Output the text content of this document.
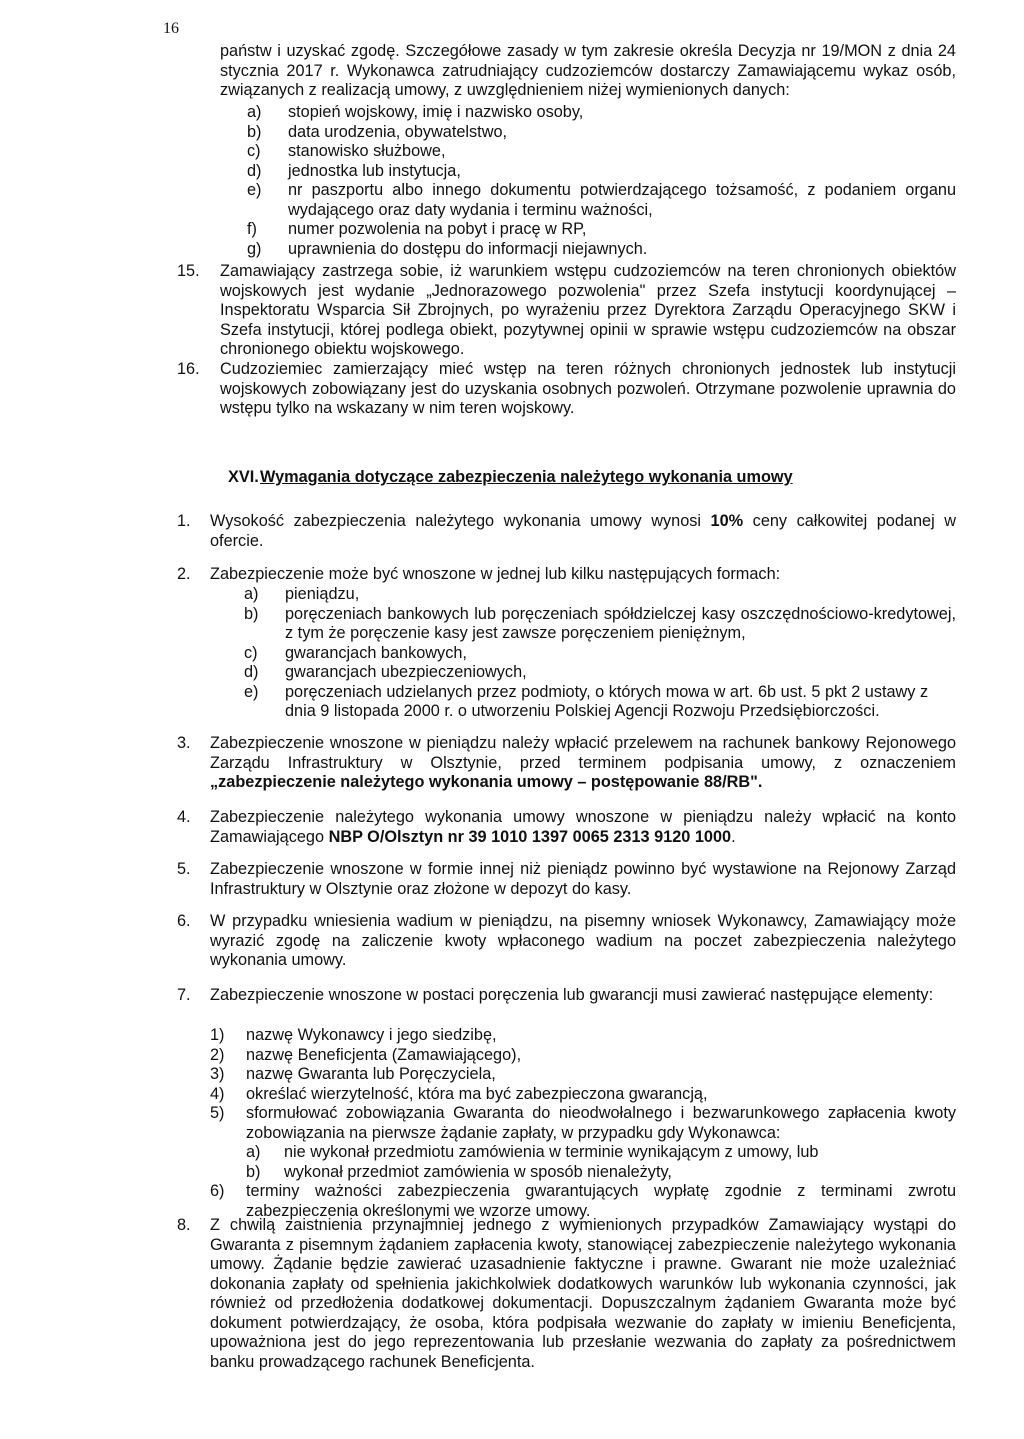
16

państw i uzyskać zgodę. Szczegółowe zasady w tym zakresie określa Decyzja nr 19/MON z dnia 24 stycznia 2017 r. Wykonawca zatrudniający cudzoziemców dostarczy Zamawiającemu wykaz osób, związanych z realizacją umowy, z uwzględnieniem niżej wymienionych danych:

a)	stopień wojskowy, imię i nazwisko osoby,
b)	data urodzenia, obywatelstwo,
c)	stanowisko służbowe,
d)	jednostka lub instytucja,
e)	nr paszportu albo innego dokumentu potwierdzającego tożsamość, z podaniem organu wydającego oraz daty wydania i terminu ważności,
f)	numer pozwolenia na pobyt i pracę w RP,
g)	uprawnienia do dostępu do informacji niejawnych.
15.	Zamawiający zastrzega sobie, iż warunkiem wstępu cudzoziemców na teren chronionych obiektów wojskowych jest wydanie „Jednorazowego pozwolenia" przez Szefa instytucji koordynującej – Inspektoratu Wsparcia Sił Zbrojnych, po wyrażeniu przez Dyrektora Zarządu Operacyjnego SKW i Szefa instytucji, której podlega obiekt, pozytywnej opinii w sprawie wstępu cudzoziemców na obszar chronionego obiektu wojskowego.
16.	Cudzoziemiec zamierzający mieć wstęp na teren różnych chronionych jednostek lub instytucji wojskowych zobowiązany jest do uzyskania osobnych pozwoleń. Otrzymane pozwolenie uprawnia do wstępu tylko na wskazany w nim teren wojskowy.
XVI. Wymagania dotyczące zabezpieczenia należytego wykonania umowy
1.	Wysokość zabezpieczenia należytego wykonania umowy wynosi 10% ceny całkowitej podanej w ofercie.
2.	Zabezpieczenie może być wnoszone w jednej lub kilku następujących formach:
a)	pieniądzu,
b)	poręczeniach bankowych lub poręczeniach spółdzielczej kasy oszczędnościowo-kredytowej, z tym że poręczenie kasy jest zawsze poręczeniem pieniężnym,
c)	gwarancjach bankowych,
d)	gwarancjach ubezpieczeniowych,
e)	poręczeniach udzielanych przez podmioty, o których mowa w art. 6b ust. 5 pkt 2 ustawy z dnia 9 listopada 2000 r. o utworzeniu Polskiej Agencji Rozwoju Przedsiębiorczości.
3.	Zabezpieczenie wnoszone w pieniądzu należy wpłacić przelewem na rachunek bankowy Rejonowego Zarządu Infrastruktury w Olsztynie, przed terminem podpisania umowy, z oznaczeniem „zabezpieczenie należytego wykonania umowy – postępowanie 88/RB".
4.	Zabezpieczenie należytego wykonania umowy wnoszone w pieniądzu należy wpłacić na konto Zamawiającego NBP O/Olsztyn nr 39 1010 1397 0065 2313 9120 1000.
5.	Zabezpieczenie wnoszone w formie innej niż pieniądz powinno być wystawione na Rejonowy Zarząd Infrastruktury w Olsztynie oraz złożone w depozyt do kasy.
6.	W przypadku wniesienia wadium w pieniądzu, na pisemny wniosek Wykonawcy, Zamawiający może wyrazić zgodę na zaliczenie kwoty wpłaconego wadium na poczet zabezpieczenia należytego wykonania umowy.
7.	Zabezpieczenie wnoszone w postaci poręczenia lub gwarancji musi zawierać następujące elementy:
1)	nazwę Wykonawcy i jego siedzibę,
2)	nazwę Beneficjenta (Zamawiającego),
3)	nazwę Gwaranta lub Poręczyciela,
4)	określać wierzytelność, która ma być zabezpieczona gwarancją,
5)	sformułować zobowiązania Gwaranta do nieodwołalnego i bezwarunkowego zapłacenia kwoty zobowiązania na pierwsze żądanie zapłaty, w przypadku gdy Wykonawca:
a)	nie wykonał przedmiotu zamówienia w terminie wynikającym z umowy, lub
b)	wykonał przedmiot zamówienia w sposób nienależyty,
6)	terminy ważności zabezpieczenia gwarantujących wypłatę zgodnie z terminami zwrotu zabezpieczenia określonymi we wzorze umowy.
8.	Z chwilą zaistnienia przynajmniej jednego z wymienionych przypadków Zamawiający wystąpi do Gwaranta z pisemnym żądaniem zapłacenia kwoty, stanowiącej zabezpieczenie należytego wykonania umowy. Żądanie będzie zawierać uzasadnienie faktyczne i prawne. Gwarant nie może uzależniać dokonania zapłaty od spełnienia jakichkolwiek dodatkowych warunków lub wykonania czynności, jak również od przedłożenia dodatkowej dokumentacji. Dopuszczalnym żądaniem Gwaranta może być dokument potwierdzający, że osoba, która podpisała wezwanie do zapłaty w imieniu Beneficjenta, upoważniona jest do jego reprezentowania lub przesłanie wezwania do zapłaty za pośrednictwem banku prowadzącego rachunek Beneficjenta.
